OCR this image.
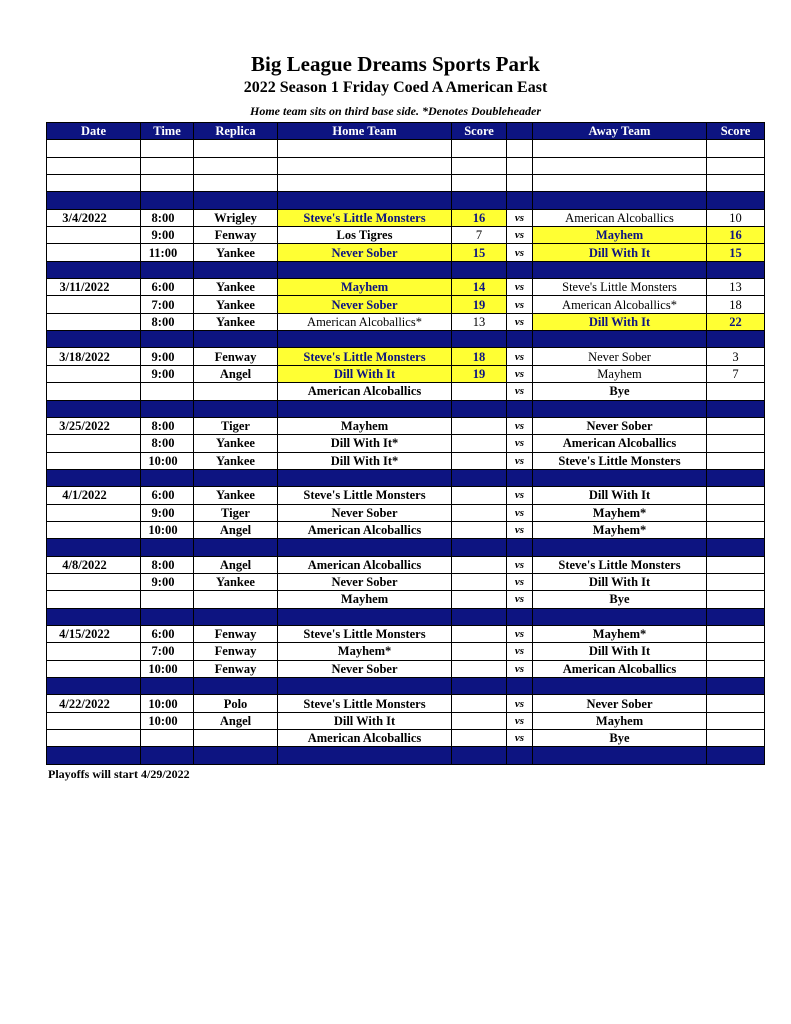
Big League Dreams Sports Park
2022 Season 1 Friday Coed A American East
Home team sits on third base side. *Denotes Doubleheader
Date	Time	Replica	Home Team	Score		Away Team	Score

3/4/2022	8:00	Wrigley	Steve's Little Monsters	16	vs	American Alcoballics	10
	9:00	Fenway	Los Tigres	7	vs	Mayhem	16
	11:00	Yankee	Never Sober	15	vs	Dill With It	15

3/11/2022	6:00	Yankee	Mayhem	14	vs	Steve's Little Monsters	13
	7:00	Yankee	Never Sober	19	vs	American Alcoballics*	18
	8:00	Yankee	American Alcoballics*	13	vs	Dill With It	22

3/18/2022	9:00	Fenway	Steve's Little Monsters	18	vs	Never Sober	3
	9:00	Angel	Dill With It	19	vs	Mayhem	7
			American Alcoballics		vs	Bye	

3/25/2022	8:00	Tiger	Mayhem		vs	Never Sober	
	8:00	Yankee	Dill With It*		vs	American Alcoballics	
	10:00	Yankee	Dill With It*		vs	Steve's Little Monsters	

4/1/2022	6:00	Yankee	Steve's Little Monsters		vs	Dill With It	
	9:00	Tiger	Never Sober		vs	Mayhem*	
	10:00	Angel	American Alcoballics		vs	Mayhem*	

4/8/2022	8:00	Angel	American Alcoballics		vs	Steve's Little Monsters	
	9:00	Yankee	Never Sober		vs	Dill With It	
			Mayhem		vs	Bye	

4/15/2022	6:00	Fenway	Steve's Little Monsters		vs	Mayhem*	
	7:00	Fenway	Mayhem*		vs	Dill With It	
	10:00	Fenway	Never Sober		vs	American Alcoballics	

4/22/2022	10:00	Polo	Steve's Little Monsters		vs	Never Sober	
	10:00	Angel	Dill With It		vs	Mayhem	
			American Alcoballics		vs	Bye	

Playoffs will start 4/29/2022
